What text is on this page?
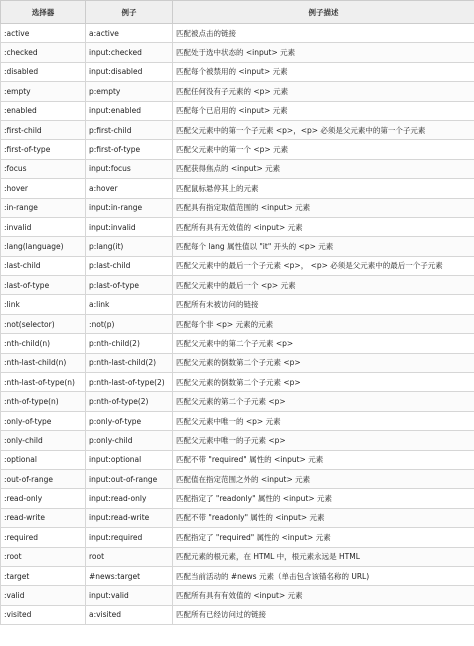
选择器	例子	例子描述
:active	a:active	匹配被点击的链接
:checked	input:checked	匹配处于选中状态的 <input> 元素
:disabled	input:disabled	匹配每个被禁用的 <input> 元素
:empty	p:empty	匹配任何没有子元素的 <p> 元素
:enabled	input:enabled	匹配每个已启用的 <input> 元素
:first-child	p:first-child	匹配父元素中的第一个子元素 <p>，<p> 必须是父元素中的第一个子元素
:first-of-type	p:first-of-type	匹配父元素中的第一个 <p> 元素
:focus	input:focus	匹配获得焦点的 <input> 元素
:hover	a:hover	匹配鼠标悬停其上的元素
:in-range	input:in-range	匹配具有指定取值范围的 <input> 元素
:invalid	input:invalid	匹配所有具有无效值的 <input> 元素
:lang(language)	p:lang(it)	匹配每个 lang 属性值以 "it" 开头的 <p> 元素
:last-child	p:last-child	匹配父元素中的最后一个子元素 <p>， <p> 必须是父元素中的最后一个子元素
:last-of-type	p:last-of-type	匹配父元素中的最后一个 <p> 元素
:link	a:link	匹配所有未被访问的链接
:not(selector)	:not(p)	匹配每个非 <p> 元素的元素
:nth-child(n)	p:nth-child(2)	匹配父元素中的第二个子元素 <p>
:nth-last-child(n)	p:nth-last-child(2)	匹配父元素的倒数第二个子元素 <p>
:nth-last-of-type(n)	p:nth-last-of-type(2)	匹配父元素的倒数第二个子元素 <p>
:nth-of-type(n)	p:nth-of-type(2)	匹配父元素的第二个子元素 <p>
:only-of-type	p:only-of-type	匹配父元素中唯一的 <p> 元素
:only-child	p:only-child	匹配父元素中唯一的子元素 <p>
:optional	input:optional	匹配不带 "required" 属性的 <input> 元素
:out-of-range	input:out-of-range	匹配值在指定范围之外的 <input> 元素
:read-only	input:read-only	匹配指定了 "readonly" 属性的 <input> 元素
:read-write	input:read-write	匹配不带 "readonly" 属性的 <input> 元素
:required	input:required	匹配指定了 "required" 属性的 <input> 元素
:root	root	匹配元素的根元素，在 HTML 中，根元素永远是 HTML
:target	#news:target	匹配当前活动的 #news 元素（单击包含该锚名称的 URL)
:valid	input:valid	匹配所有具有有效值的 <input> 元素
:visited	a:visited	匹配所有已经访问过的链接
